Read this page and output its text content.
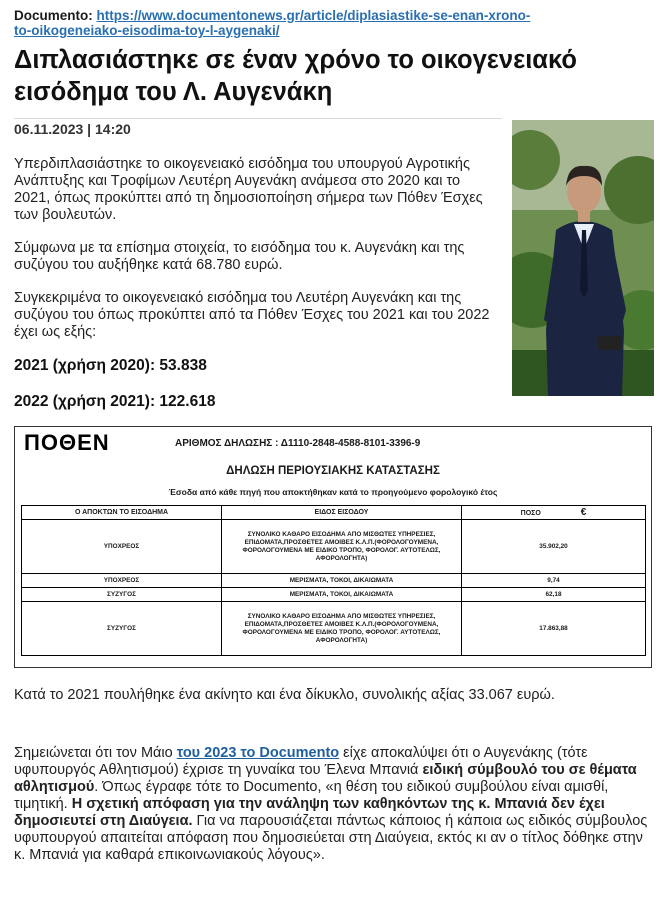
Documento: https://www.documentonews.gr/article/diplasiastike-se-enan-xrono-
to-oikogeneiako-eisodima-toy-l-aygenaki/
Διπλασιάστηκε σε έναν χρόνο το οικογενειακό εισόδημα του Λ. Αυγενάκη
06.11.2023 | 14:20

Υπερδιπλασιάστηκε το οικογενειακό εισόδημα του υπουργού Αγροτικής Ανάπτυξης και Τροφίμων Λευτέρη Αυγενάκη ανάμεσα στο 2020 και το 2021, όπως προκύπτει από τη δημοσιοποίηση σήμερα των Πόθεν Έσχες των βουλευτών.

Σύμφωνα με τα επίσημα στοιχεία, το εισόδημα του κ. Αυγενάκη και της συζύγου του αυξήθηκε κατά 68.780 ευρώ.

Συγκεκριμένα το οικογενειακό εισόδημα του Λευτέρη Αυγενάκη και της συζύγου του όπως προκύπτει από τα Πόθεν Έσχες του 2021 και του 2022 έχει ως εξής:

2021 (χρήση 2020): 53.838
2022 (χρήση 2021): 122.618
ΠΟΘΕΝ	ΑΡΙΘΜΟΣ ΔΗΛΩΣΗΣ : Δ1110-2848-4588-8101-3396-9
ΔΗΛΩΣΗ ΠΕΡΙΟΥΣΙΑΚΗΣ ΚΑΤΑΣΤΑΣΗΣ
Έσοδα από κάθε πηγή που αποκτήθηκαν κατά το προηγούμενο φορολογικό έτος
Ο ΑΠΟΚΤΩΝ ΤΟ ΕΙΣΟΔΗΜΑ	ΕΙΔΟΣ ΕΙΣΟΔΟΥ	ΠΟΣΟ €
ΥΠΟΧΡΕΟΣ	ΣΥΝΟΛΙΚΟ ΚΑΘΑΡΟ ΕΙΣΟΔΗΜΑ ΑΠΟ ΜΙΣΘΩΤΕΣ ΥΠΗΡΕΣΙΕΣ, ΕΠΙΔΟΜΑΤΑ,ΠΡΟΣΘΕΤΕΣ ΑΜΟΙΒΕΣ Κ.Λ.Π.(ΦΟΡΟΛΟΓΟΥΜΕΝΑ, ΦΟΡΟΛΟΓΟΥΜΕΝΑ ΜΕ ΕΙΔΙΚΟ ΤΡΟΠΟ, ΦΟΡΟΛΟΓ. ΑΥΤΟΤΕΛΩΣ, ΑΦΟΡΟΛΟΓΗΤΑ)	35.902,20
ΥΠΟΧΡΕΟΣ	ΜΕΡΙΣΜΑΤΑ, ΤΟΚΟΙ, ΔΙΚΑΙΩΜΑΤΑ	9,74
ΣΥΖΥΓΟΣ	ΜΕΡΙΣΜΑΤΑ, ΤΟΚΟΙ, ΔΙΚΑΙΩΜΑΤΑ	62,18
ΣΥΖΥΓΟΣ	ΣΥΝΟΛΙΚΟ ΚΑΘΑΡΟ ΕΙΣΟΔΗΜΑ ΑΠΟ ΜΙΣΘΩΤΕΣ ΥΠΗΡΕΣΙΕΣ, ΕΠΙΔΟΜΑΤΑ,ΠΡΟΣΘΕΤΕΣ ΑΜΟΙΒΕΣ Κ.Λ.Π.(ΦΟΡΟΛΟΓΟΥΜΕΝΑ, ΦΟΡΟΛΟΓΟΥΜΕΝΑ ΜΕ ΕΙΔΙΚΟ ΤΡΟΠΟ, ΦΟΡΟΛΟΓ. ΑΥΤΟΤΕΛΩΣ, ΑΦΟΡΟΛΟΓΗΤΑ)	17.863,88

Κατά το 2021 πουλήθηκε ένα ακίνητο και ένα δίκυκλο, συνολικής αξίας 33.067 ευρώ.

Σημειώνεται ότι τον Μάιο του 2023 το Documento είχε αποκαλύψει ότι ο Αυγενάκης (τότε υφυπουργός Αθλητισμού) έχρισε τη γυναίκα του Έλενα Μπανιά ειδική σύμβουλό του σε θέματα αθλητισμού. Όπως έγραφε τότε το Documento, «η θέση του ειδικού συμβούλου είναι αμισθί, τιμητική. Η σχετική απόφαση για την ανάληψη των καθηκόντων της κ. Μπανιά δεν έχει δημοσιευτεί στη Διαύγεια. Για να παρουσιάζεται πάντως κάποιος ή κάποια ως ειδικός σύμβουλος υφυπουργού απαιτείται απόφαση που δημοσιεύεται στη Διαύγεια, εκτός κι αν ο τίτλος δόθηκε στην κ. Μπανιά για καθαρά επικοινωνιακούς λόγους».
